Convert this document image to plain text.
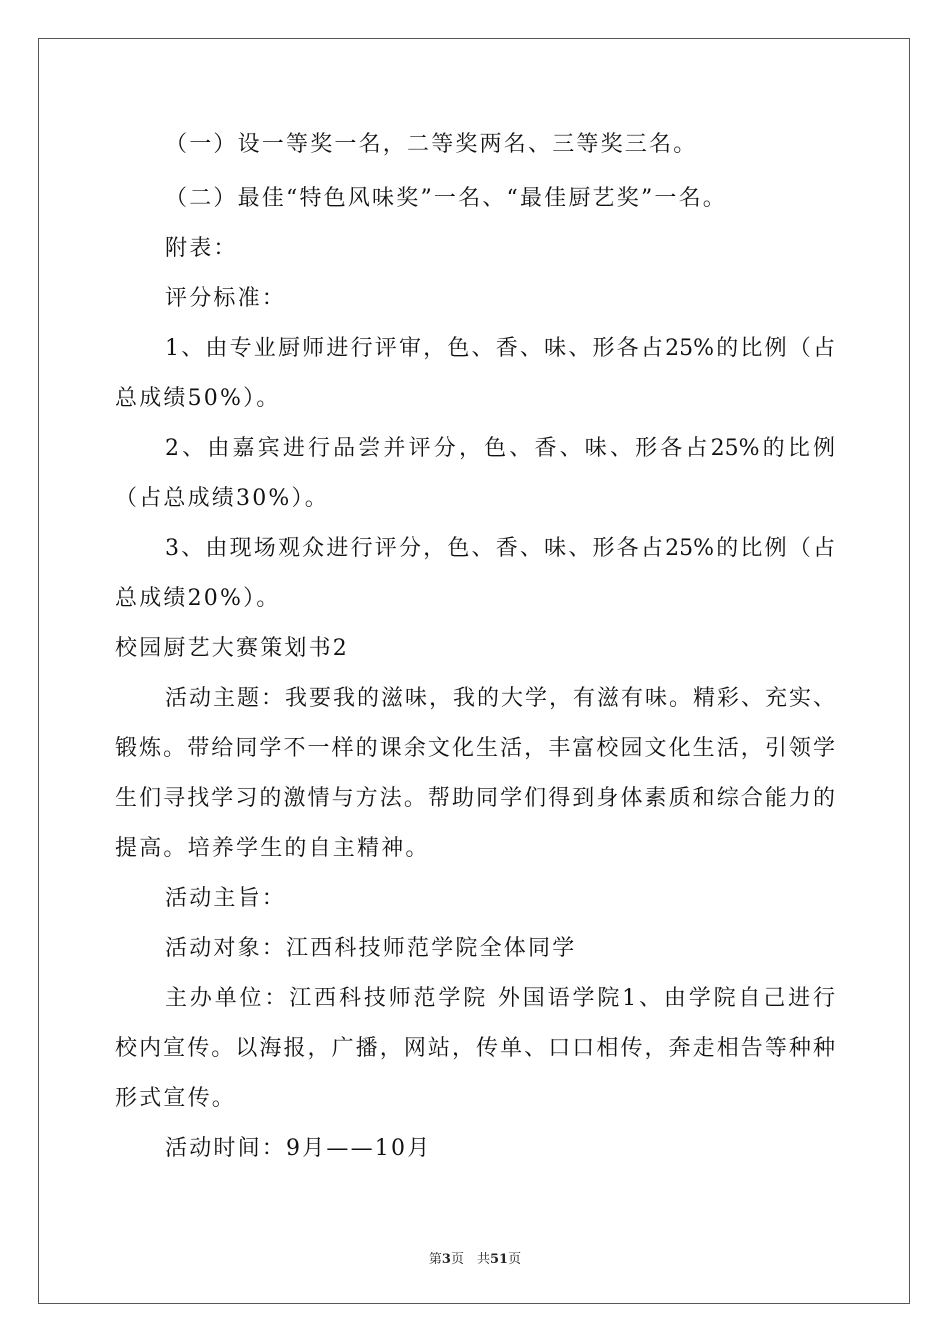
（一）设一等奖一名，二等奖两名、三等奖三名。
（二）最佳“特色风味奖”一名、“最佳厨艺奖”一名。
附表：
评分标准：
1、由专业厨师进行评审，色、香、味、形各占25%的比例（占
总成绩50%）。
2、由嘉宾进行品尝并评分，色、香、味、形各占25%的比例
（占总成绩30%）。
3、由现场观众进行评分，色、香、味、形各占25%的比例（占
总成绩20%）。
校园厨艺大赛策划书2
活动主题：我要我的滋味，我的大学，有滋有味。精彩、充实、
锻炼。带给同学不一样的课余文化生活，丰富校园文化生活，引领学
生们寻找学习的激情与方法。帮助同学们得到身体素质和综合能力的
提高。培养学生的自主精神。
活动主旨：
活动对象：江西科技师范学院全体同学
主办单位：江西科技师范学院 外国语学院1、由学院自己进行
校内宣传。以海报，广播，网站，传单、口口相传，奔走相告等种种
形式宣传。
活动时间：9月——10月
第3页　共51页
